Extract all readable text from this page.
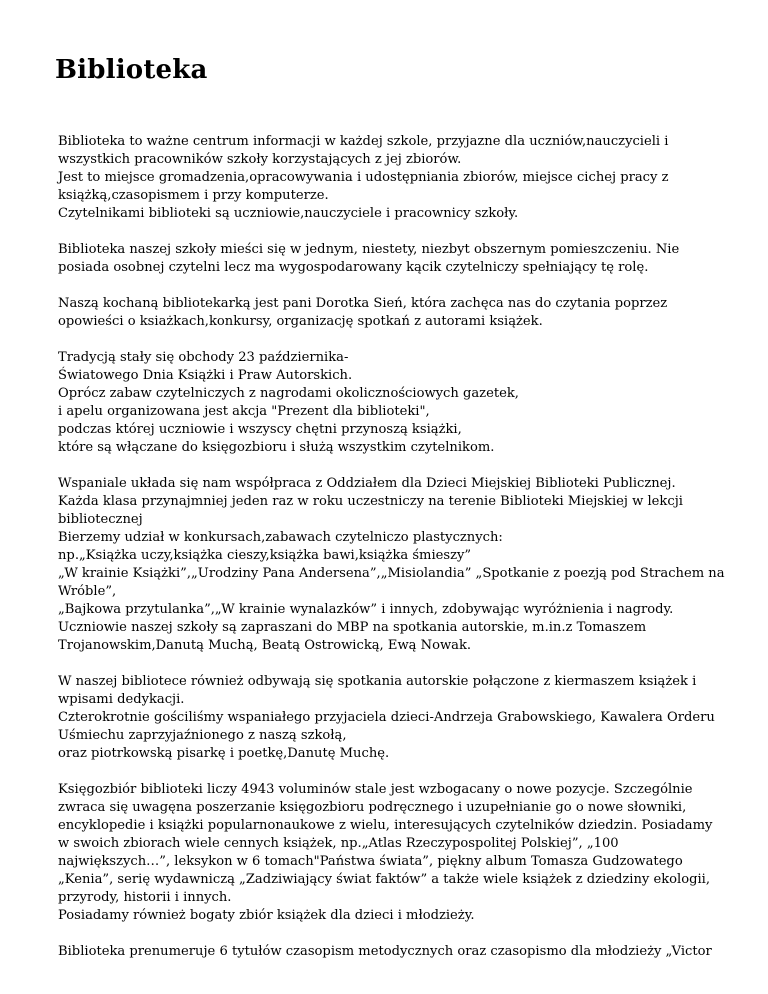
Biblioteka

Biblioteka to ważne centrum informacji w każdej szkole, przyjazne dla uczniów,nauczycieli i
wszystkich pracowników szkoły korzystających z jej zbiorów.
Jest to miejsce gromadzenia,opracowywania i udostępniania zbiorów, miejsce cichej pracy z
książką,czasopismem i przy komputerze.
Czytelnikami biblioteki są uczniowie,nauczyciele i pracownicy szkoły.

Biblioteka naszej szkoły mieści się w jednym, niestety, niezbyt obszernym pomieszczeniu. Nie
posiada osobnej czytelni lecz ma wygospodarowany kącik czytelniczy spełniający tę rolę.

Naszą kochaną bibliotekarką jest pani Dorotka Sień, która zachęca nas do czytania poprzez
opowieści o ksiażkach,konkursy, organizację spotkań z autorami książek.

Tradycją stały się obchody 23 października-
Światowego Dnia Książki i Praw Autorskich.
Oprócz zabaw czytelniczych z nagrodami okolicznościowych gazetek,
i apelu organizowana jest akcja "Prezent dla biblioteki",
podczas której uczniowie i wszyscy chętni przynoszą książki,
które są włączane do księgozbioru i służą wszystkim czytelnikom.

Wspaniale układa się nam współpraca z Oddziałem dla Dzieci Miejskiej Biblioteki Publicznej.
Każda klasa przynajmniej jeden raz w roku uczestniczy na terenie Biblioteki Miejskiej w lekcji
bibliotecznej
Bierzemy udział w konkursach,zabawach czytelniczo plastycznych:
np.„Książka uczy,książka cieszy,książka bawi,książka śmieszy”
„W krainie Książki”,„Urodziny Pana Andersena”,„Misiolandia” „Spotkanie z poezją pod Strachem na
Wróble”,
„Bajkowa przytulanka”,„W krainie wynalazków” i innych, zdobywając wyróżnienia i nagrody.
Uczniowie naszej szkoły są zapraszani do MBP na spotkania autorskie, m.in.z Tomaszem
Trojanowskim,Danutą Muchą, Beatą Ostrowicką, Ewą Nowak.

W naszej bibliotece również odbywają się spotkania autorskie połączone z kiermaszem książek i
wpisami dedykacji.
Czterokrotnie gościliśmy wspaniałego przyjaciela dzieci-Andrzeja Grabowskiego, Kawalera Orderu
Uśmiechu zaprzyjaźnionego z naszą szkołą,
oraz piotrkowską pisarkę i poetkę,Danutę Muchę.

Księgozbiór biblioteki liczy 4943 voluminów stale jest wzbogacany o nowe pozycje. Szczególnie
zwraca się uwagęna poszerzanie księgozbioru podręcznego i uzupełnianie go o nowe słowniki,
encyklopedie i książki popularnonaukowe z wielu, interesujących czytelników dziedzin. Posiadamy
w swoich zbiorach wiele cennych książek, np.„Atlas Rzeczypospolitej Polskiej”, „100
największych…”, leksykon w 6 tomach"Państwa świata”, piękny album Tomasza Gudzowatego
„Kenia”, serię wydawniczą „Zadziwiający świat faktów” a także wiele książek z dziedziny ekologii,
przyrody, historii i innych.
Posiadamy również bogaty zbiór książek dla dzieci i młodzieży.

Biblioteka prenumeruje 6 tytułów czasopism metodycznych oraz czasopismo dla młodzieży „Victor
